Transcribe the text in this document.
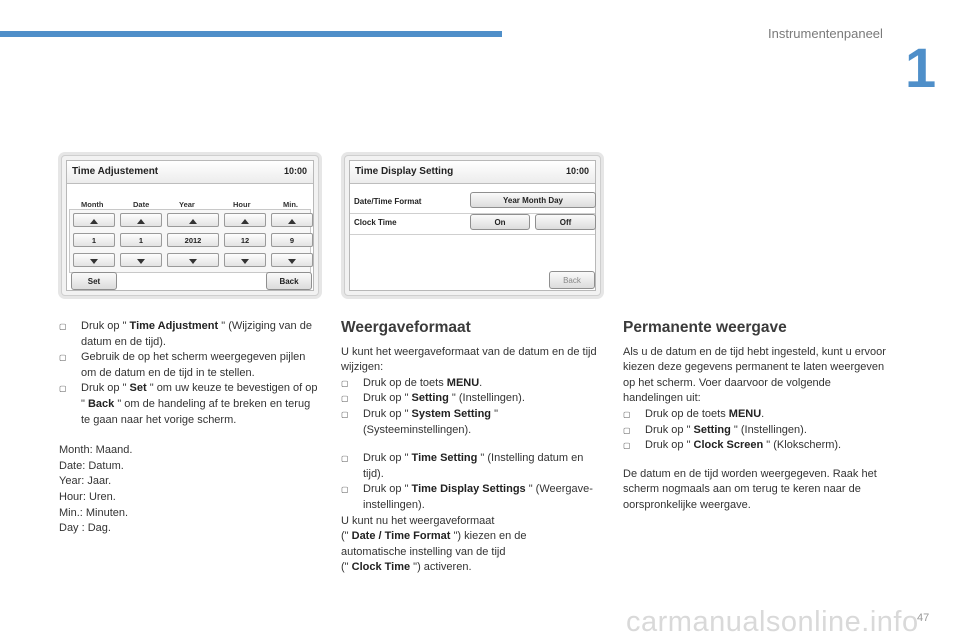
Instrumentenpaneel
1
Time Adjustement	10:00
Month	Date	Year	Hour	Min.
1	1	2012	12	9
Set	Back
Time Display Setting	10:00
Date/Time Format	Year Month Day
Clock Time	On	Off
Back

▢ Druk op " Time Adjustment " (Wijziging van de datum en de tijd).

▢ Gebruik de op het scherm weergegeven pijlen om de datum en de tijd in te stellen.

▢ Druk op " Set " om uw keuze te bevestigen of op " Back " om de handeling af te breken en terug te gaan naar het vorige scherm.

Month: Maand.

Date: Datum.

Year: Jaar.

Hour: Uren.

Min.: Minuten.

Day : Dag.

Weergaveformaat

U kunt het weergaveformaat van de datum en de tijd wijzigen:

▢ Druk op de toets MENU.

▢ Druk op " Setting " (Instellingen).

▢ Druk op " System Setting " (Systeeminstellingen).

▢ Druk op " Time Setting " (Instelling datum en tijd).

▢ Druk op " Time Display Settings " (Weergave-instellingen).

U kunt nu het weergaveformaat

(" Date / Time Format ") kiezen en de

automatische instelling van de tijd

(" Clock Time ") activeren.

Permanente weergave

Als u de datum en de tijd hebt ingesteld, kunt u ervoor kiezen deze gegevens permanent te laten weergeven op het scherm. Voer daarvoor de volgende handelingen uit:

▢ Druk op de toets MENU.

▢ Druk op " Setting " (Instellingen).

▢ Druk op " Clock Screen " (Klokscherm).

De datum en de tijd worden weergegeven. Raak het scherm nogmaals aan om terug te keren naar de oorspronkelijke weergave.

carmanualsonline.info
47
